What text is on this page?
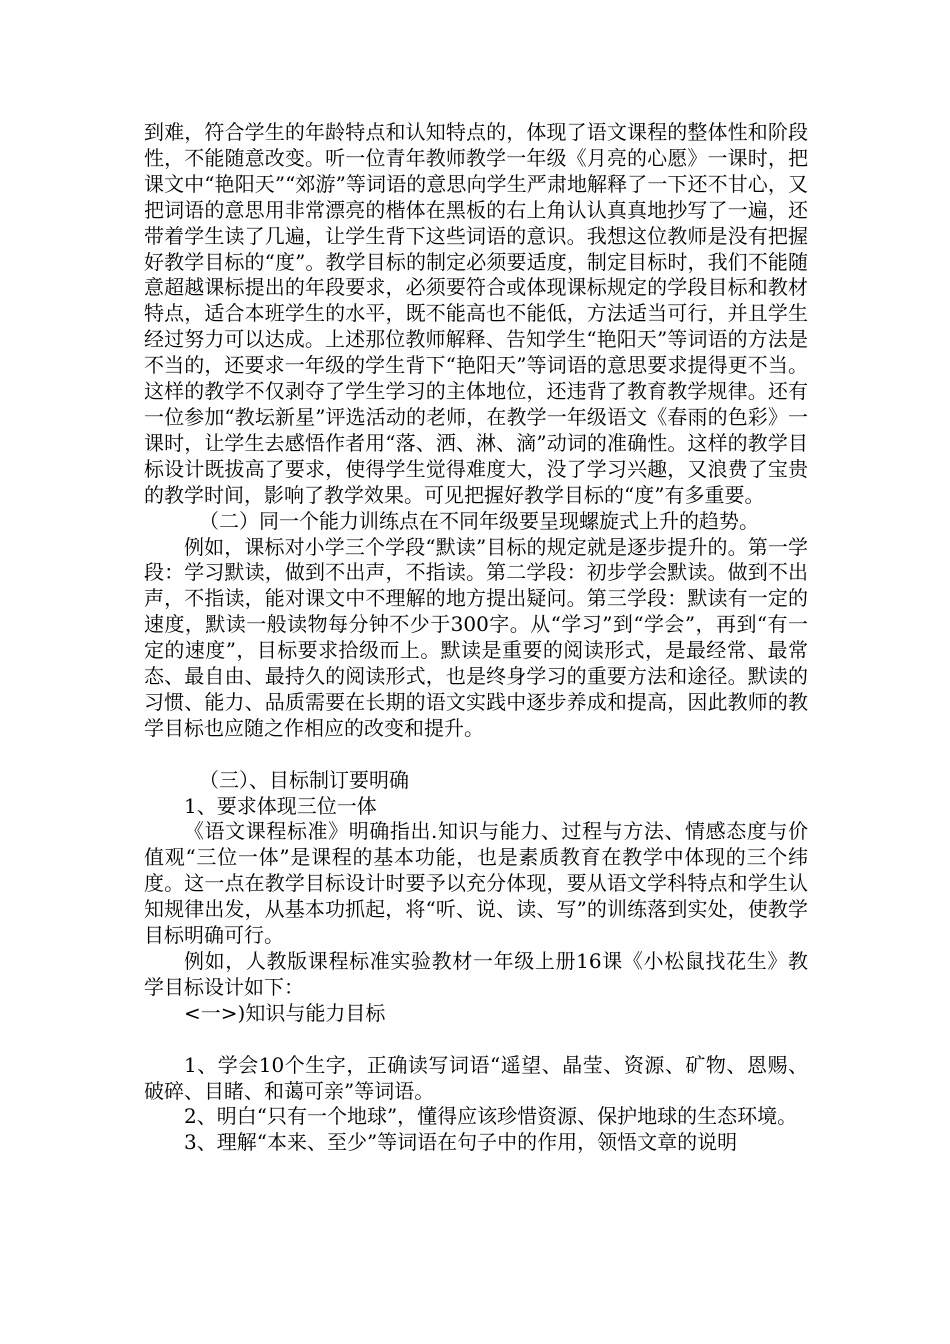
到难，符合学生的年龄特点和认知特点的，体现了语文课程的整体性和阶段性，不能随意改变。听一位青年教师教学一年级《月亮的心愿》一课时，把课文中“艳阳天”“郊游”等词语的意思向学生严肃地解释了一下还不甘心，又把词语的意思用非常漂亮的楷体在黑板的右上角认认真真地抄写了一遍，还带着学生读了几遍，让学生背下这些词语的意识。我想这位教师是没有把握好教学目标的“度”。教学目标的制定必须要适度，制定目标时，我们不能随意超越课标提出的年段要求，必须要符合或体现课标规定的学段目标和教材特点，适合本班学生的水平，既不能高也不能低，方法适当可行，并且学生经过努力可以达成。上述那位教师解释、告知学生“艳阳天”等词语的方法是不当的，还要求一年级的学生背下“艳阳天”等词语的意思要求提得更不当。这样的教学不仅剥夺了学生学习的主体地位，还违背了教育教学规律。还有一位参加“教坛新星”评选活动的老师，在教学一年级语文《春雨的色彩》一课时，让学生去感悟作者用“落、洒、淋、滴”动词的准确性。这样的教学目标设计既拔高了要求，使得学生觉得难度大，没了学习兴趣，又浪费了宝贵的教学时间，影响了教学效果。可见把握好教学目标的“度”有多重要。

（二）同一个能力训练点在不同年级要呈现螺旋式上升的趋势。

例如，课标对小学三个学段“默读”目标的规定就是逐步提升的。第一学段：学习默读，做到不出声，不指读。第二学段：初步学会默读。做到不出声，不指读，能对课文中不理解的地方提出疑问。第三学段：默读有一定的速度，默读一般读物每分钟不少于300字。从“学习”到“学会”，再到“有一定的速度”，目标要求拾级而上。默读是重要的阅读形式，是最经常、最常态、最自由、最持久的阅读形式，也是终身学习的重要方法和途径。默读的习惯、能力、品质需要在长期的语文实践中逐步养成和提高，因此教师的教学目标也应随之作相应的改变和提升。

（三）、目标制订要明确

1、要求体现三位一体

《语文课程标准》明确指出.知识与能力、过程与方法、情感态度与价值观“三位一体”是课程的基本功能，也是素质教育在教学中体现的三个纬度。这一点在教学目标设计时要予以充分体现，要从语文学科特点和学生认知规律出发，从基本功抓起，将“听、说、读、写”的训练落到实处，使教学目标明确可行。

例如，人教版课程标准实验教材一年级上册16课《小松鼠找花生》教学目标设计如下：

<一>)知识与能力目标

1、学会10个生字，正确读写词语“遥望、晶莹、资源、矿物、恩赐、破碎、目睹、和蔼可亲”等词语。

2、明白“只有一个地球”，懂得应该珍惜资源、保护地球的生态环境。

3、理解“本来、至少”等词语在句子中的作用，领悟文章的说明
